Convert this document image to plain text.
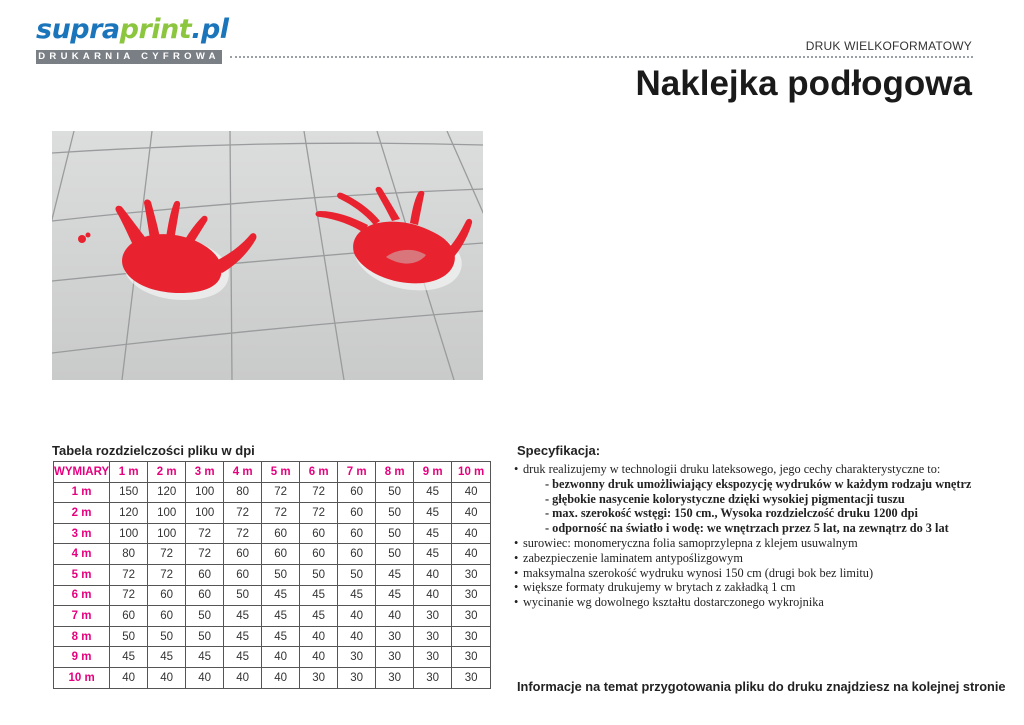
supraprint.pl
DRUKARNIA CYFROWA
DRUK WIELKOFORMATOWY
Naklejka podłogowa
Tabela rozdzielczości pliku w dpi
WYMIARY	1 m	2 m	3 m	4 m	5 m	6 m	7 m	8 m	9 m	10 m
1 m	150	120	100	80	72	72	60	50	45	40
2 m	120	100	100	72	72	72	60	50	45	40
3 m	100	100	72	72	60	60	60	50	45	40
4 m	80	72	72	60	60	60	60	50	45	40
5 m	72	72	60	60	50	50	50	45	40	30
6 m	72	60	60	50	45	45	45	45	40	30
7 m	60	60	50	45	45	45	40	40	30	30
8 m	50	50	50	45	45	40	40	30	30	30
9 m	45	45	45	45	40	40	30	30	30	30
10 m	40	40	40	40	40	30	30	30	30	30
Specyfikacja:
• druk realizujemy w technologii druku lateksowego, jego cechy charakterystyczne to:
- bezwonny druk umożliwiający ekspozycję wydruków w każdym rodzaju wnętrz
- głębokie nasycenie kolorystyczne dzięki wysokiej pigmentacji tuszu
- max. szerokość wstęgi: 150 cm., Wysoka rozdzielczość druku 1200 dpi
- odporność na światło i wodę: we wnętrzach przez 5 lat, na zewnątrz do 3 lat
• surowiec: monomeryczna folia samoprzylepna z klejem usuwalnym
• zabezpieczenie laminatem antypoślizgowym
• maksymalna szerokość wydruku wynosi 150 cm (drugi bok bez limitu)
• większe formaty drukujemy w brytach z zakładką 1 cm
• wycinanie wg dowolnego kształtu dostarczonego wykrojnika
Informacje na temat przygotowania pliku do druku znajdziesz na kolejnej stronie
